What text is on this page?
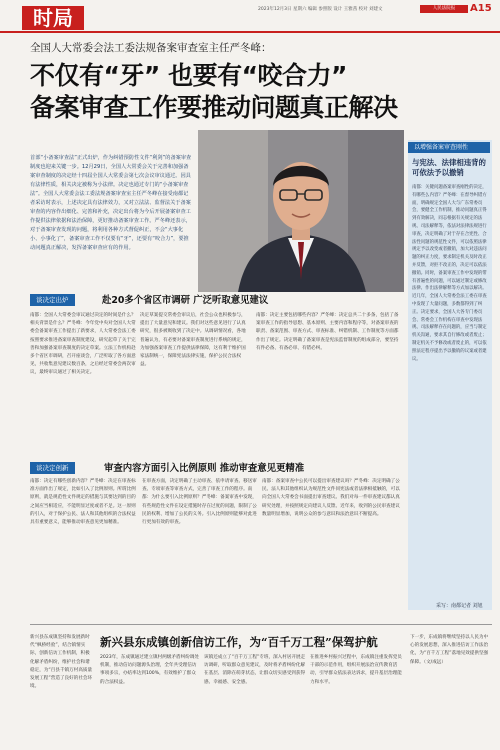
时局	2023年12月3日 星期六 编辑 参照版 设计 王雅茜 校对 刘建文	人民法院报	A15
全国人大常委会法工委法规备案审查室主任严冬峰：
不仅有“牙” 也要有“咬合力”
备案审查工作要推动问题真正解决
首部“小备案审查法”正式出炉，作为纠错预防性文件“利剑”的备案审查制度也迎来关键一步。12月29日，全国人大常委会关于完善和加强备案审查制度的决定经十四届全国人大常委会第七次会议审议通过。因具有法律性质，相关决定被称为小法律。决定也通过专门的“小备案审查法”。全国人大常委会法工委法规备案审查室主任严冬峰在接受南都记者采访时表示，上述决定具有法律效力，又对立法法、监督法关于备案审查的内容作出细化、完善和补充，决定出台将为今后开展备案审查工作提供法律依据和法治保障，更好推动备案审查工作。严冬峰还表示，对于备案审查发现的问题，将利用各种方式督促纠正，不会“大事化小、小事化了”，备案审查工作不仅要有“牙”，还要有“咬合力”，要推动问题真正解决，发挥备案审查应有的作用。
以增强备案审查刚性
与宪法、法律相违背的可依法予以撤销
南都：关键问题备案审查刚性的决定，有哪些么内容？严冬峰：在督导纠错方面，明确规定全国人大与广东常委员会，要健全工作机制，推动问题真正得到有效解决，同志根据有关规定的法规、司法解释等，依法对法律法规进行审查，决定明确了对于存在合宪性、合法性问题的规范性文件，可以依照法律规定予以改变或者撤销，加大对违法问题的纠正力度，要求制定机关及时改正并反馈，对拒不改正的，决定可以依法撤销。同时，备案审查工作中发现的带有普遍性的问题，可以通过制定或修改法律、作出法律解释等方式加以解决。近几年，全国人大常委会法工委在审查中发现了大量问题，多数都得到了纠正。决定要求，全国人大各专门委员会、常委会工作机构在审查中发现法规、司法解释存在问题的，应当与制定机关沟通，要求其自行修改或者废止；制定机关不予修改或者废止的，可以依照法定程序提出予以撤销的议案或者建议。
采写：南都记者 刘旭
谈决定出炉	赴20多个省区市调研 广泛听取意见建议
南都：全国人大常委会审议通过决定的时间是什么？相关背景是什么？严冬峰：今年党中央对全国人大常委会备案审查工作提出了新要求，人大常委会法工委按照要求推进备案审查制度建设，研究起草了关于完善和加强备案审查制度的决定草案。立法工作机构赴多个省区市调研，召开座谈会，广泛听取了各方面意见，共收集意见建议数百条，之后经过常委会两次审议，最终审议通过了相关决定。
决定草案提交常委会审议后，社会公众也积极参与，提出了大量意见和建议。我们对这些意见进行了认真研究，很多被吸收到了决定中。从调研情况看，各地普遍认为，有必要对备案审查制度进行系统的规定，为加强备案审查工作提供法律保障，这有利于维护国家法制统一，保障宪法法律实施，保护公民合法权益。
南都：决定主要包括哪些内容？严冬峰：决定总共二十多条，包括了备案审查工作的指导思想、基本原则、主要内容和程序等，对备案审查的职责、备案范围、审查方式、审查标准、纠错机制、工作制度等方面都作出了规定。决定明确了备案审查是宪法监督制度的组成部分，要坚持有件必备、有备必审、有错必纠。
谈决定创新	审查内容方面引入比例原则 推动审查意见更精准
南都：决定有哪些创新内容？严冬峰：决定在审查标准方面作出了规定，比如引入了比例原则。所谓比例原则，就是规范性文件规定的措施与其要达到的目的之间应当相适应，不能明显过度或者不足。这一原则的引入，对于保护公民、法人和其他组织的合法权益具有重要意义，能够推动审查意见更加精准。
在审查方面，决定明确了主动审查、依申请审查、移送审查、专项审查等审查方式，完善了审查工作的程序。南都：为什么要引入比例原则？严冬峰：备案审查中发现，有些规范性文件在设定措施时存在过度的问题，限制了公民的权利、增加了公民的义务。引入比例原则能够对此进行更加有效的审查。
南都：备案审查中公民可以提出审查建议吗？严冬峰：决定明确了公民、法人和其他组织认为规范性文件同宪法或者法律相抵触的，可以向全国人大常委会书面提出审查建议。我们对每一件审查建议都认真研究处理，并按照规定向建议人反馈。近年来，收到的公民审查建议数量明显增加，说明公众的参与意识和法治意识不断提高。
新兴县东成镇创新信访工作，为“百千万工程”保驾护航
新兴县东成镇坚持和发展新时代“枫桥经验”，结合镇情实际，创新信访工作机制，积极化解矛盾纠纷，维护社会和谐稳定，为“百县千镇万村高质量发展工程”营造了良好的社会环境。
2023年，东成镇通过建立镇村两级矛盾纠纷调处机制，推动信访问题源头治理，全年共受理信访事项多宗，办结率达到100%，有效维护了群众的合法权益。
该镇还成立了“百千万工程”专班，深入村居开展走访调研，听取群众意见建议，及时将矛盾纠纷化解在基层、消除在萌芽状态，让群众切实感受到获得感、幸福感、安全感。
在推进乡村振兴过程中，东成镇注重发挥党员干部的示范作用，组织开展法治宣传教育活动，引导群众依法表达诉求，提升基层治理能力和水平。
下一步，东成镇将继续坚持以人民为中心的发展思想，深入推进信访工作法治化，为“百千万工程”落地见效提供坚强保障。（文/成远）
